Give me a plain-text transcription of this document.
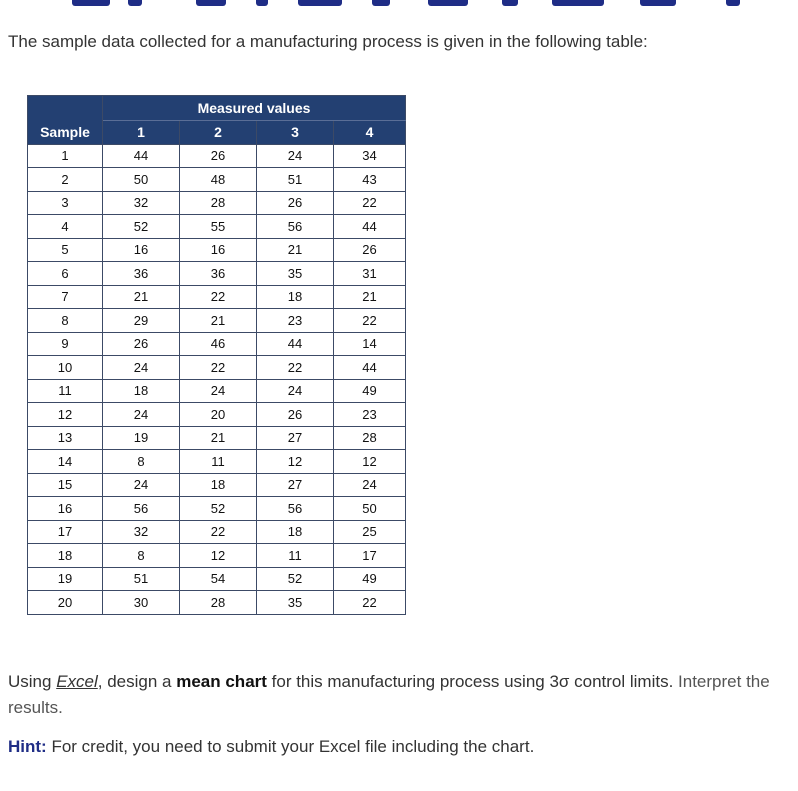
The sample data collected for a manufacturing process is given in the following table:
	Measured values			
Sample	1	2	3	4
1	44	26	24	34
2	50	48	51	43
3	32	28	26	22
4	52	55	56	44
5	16	16	21	26
6	36	36	35	31
7	21	22	18	21
8	29	21	23	22
9	26	46	44	14
10	24	22	22	44
11	18	24	24	49
12	24	20	26	23
13	19	21	27	28
14	8	11	12	12
15	24	18	27	24
16	56	52	56	50
17	32	22	18	25
18	8	12	11	17
19	51	54	52	49
20	30	28	35	22
Using Excel, design a mean chart for this manufacturing process using 3σ control limits. Interpret the results.
Hint: For credit, you need to submit your Excel file including the chart.
